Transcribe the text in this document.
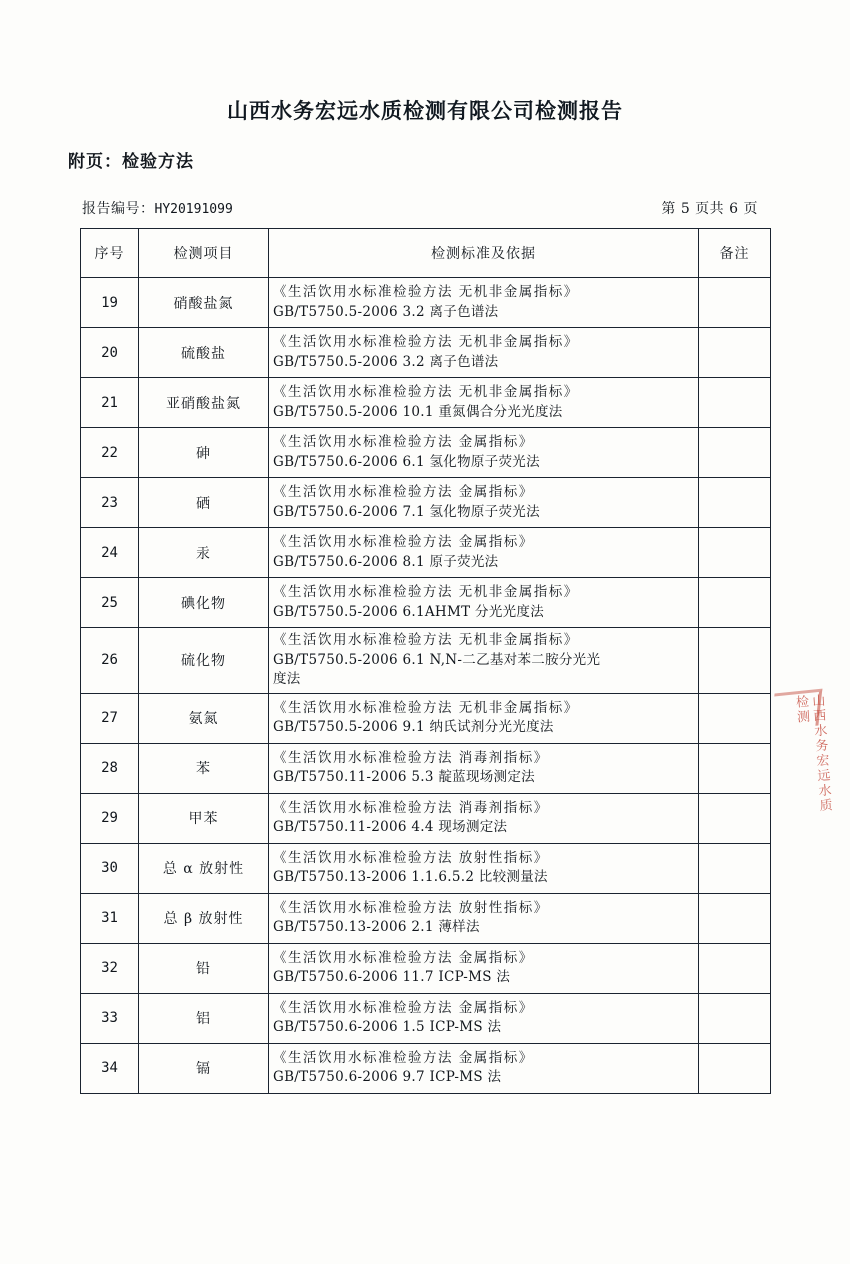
山西水务宏远水质检测有限公司检测报告
附页：检验方法
报告编号：HY20191099	第 5 页共 6 页
序号	检测项目	检测标准及依据	备注
19	硝酸盐氮	《生活饮用水标准检验方法 无机非金属指标》
GB/T5750.5-2006 3.2 离子色谱法	

20	硫酸盐	《生活饮用水标准检验方法 无机非金属指标》
GB/T5750.5-2006 3.2 离子色谱法	

21	亚硝酸盐氮	《生活饮用水标准检验方法 无机非金属指标》
GB/T5750.5-2006 10.1 重氮偶合分光光度法	

22	砷	《生活饮用水标准检验方法 金属指标》
GB/T5750.6-2006 6.1 氢化物原子荧光法	

23	硒	《生活饮用水标准检验方法 金属指标》
GB/T5750.6-2006 7.1 氢化物原子荧光法	

24	汞	《生活饮用水标准检验方法 金属指标》
GB/T5750.6-2006 8.1 原子荧光法	

25	碘化物	《生活饮用水标准检验方法 无机非金属指标》
GB/T5750.5-2006 6.1AHMT 分光光度法	

26	硫化物	《生活饮用水标准检验方法 无机非金属指标》
GB/T5750.5-2006 6.1 N,N-二乙基对苯二胺分光光
度法	

27	氨氮	《生活饮用水标准检验方法 无机非金属指标》
GB/T5750.5-2006 9.1 纳氏试剂分光光度法	

28	苯	《生活饮用水标准检验方法 消毒剂指标》
GB/T5750.11-2006 5.3 靛蓝现场测定法	

29	甲苯	《生活饮用水标准检验方法 消毒剂指标》
GB/T5750.11-2006 4.4 现场测定法	

30	总 α 放射性	《生活饮用水标准检验方法 放射性指标》
GB/T5750.13-2006 1.1.6.5.2 比较测量法	

31	总 β 放射性	《生活饮用水标准检验方法 放射性指标》
GB/T5750.13-2006 2.1 薄样法	

32	铅	《生活饮用水标准检验方法 金属指标》
GB/T5750.6-2006 11.7 ICP-MS 法	

33	铝	《生活饮用水标准检验方法 金属指标》
GB/T5750.6-2006 1.5 ICP-MS 法	

34	镉	《生活饮用水标准检验方法 金属指标》
GB/T5750.6-2006 9.7 ICP-MS 法	

山西水务宏远水质检测
